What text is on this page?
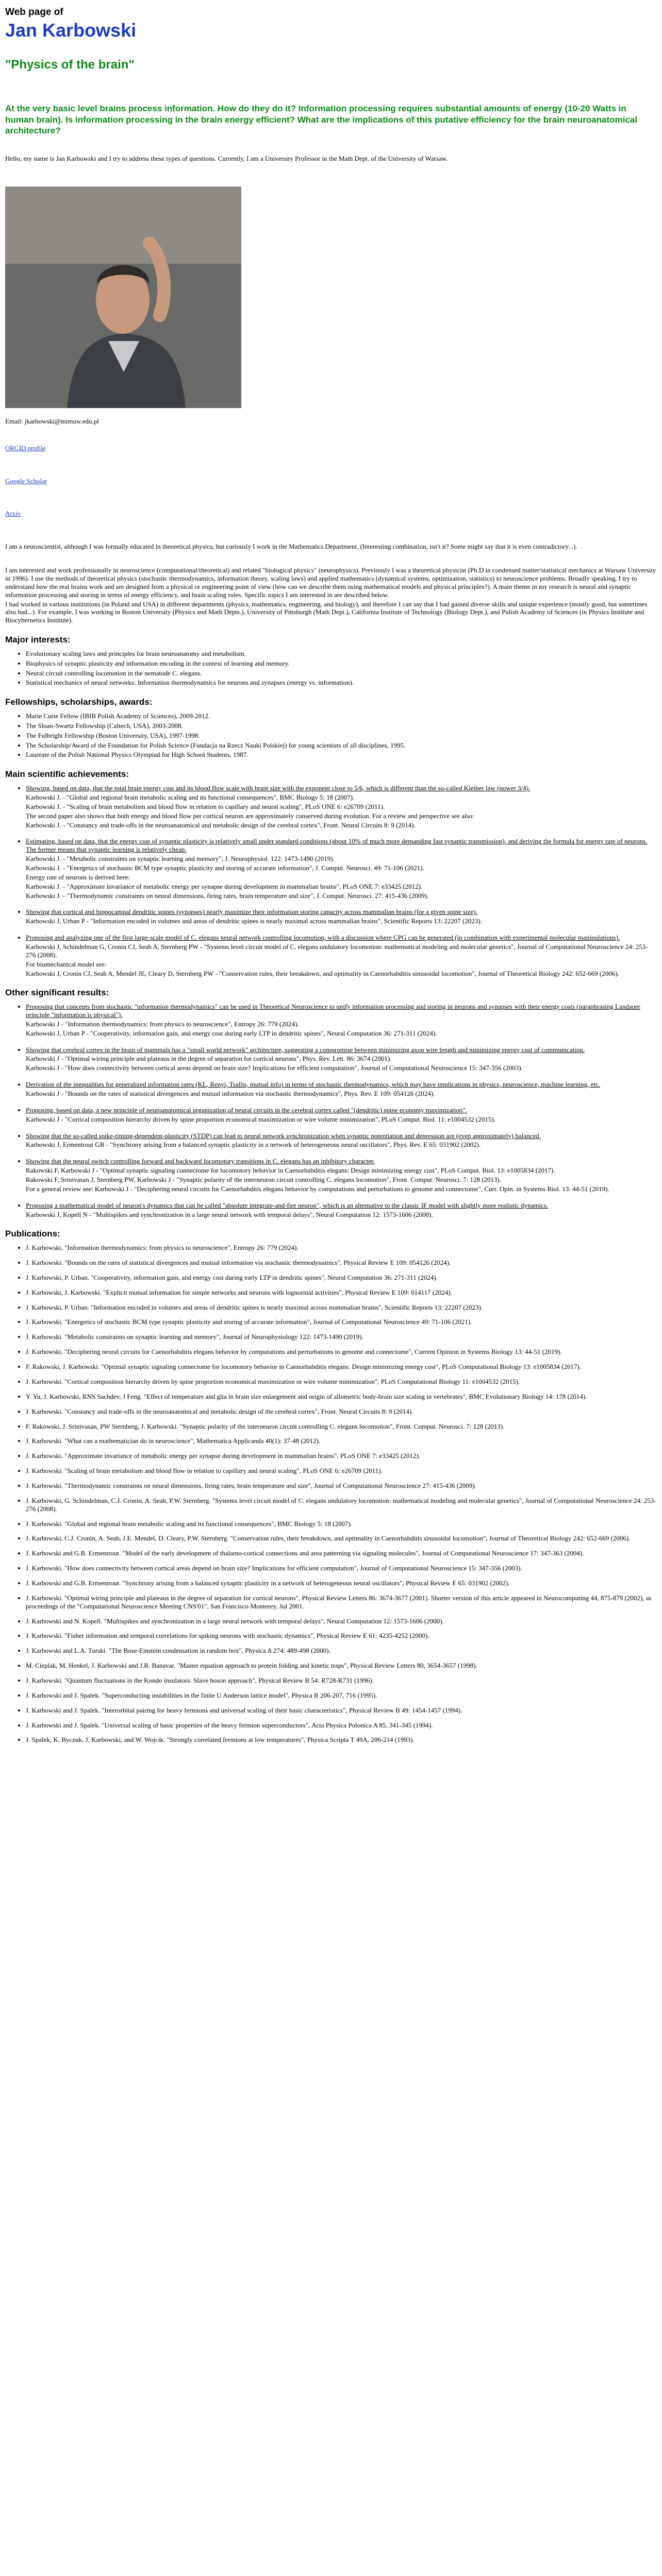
Web page of
Jan Karbowski
"Physics of the brain"
At the very basic level brains process information. How do they do it? Information processing requires substantial amounts of energy (10-20 Watts in human brain). Is information processing in the brain energy efficient? What are the implications of this putative efficiency for the brain neuroanatomical architecture?

Hello, my name is Jan Karbowski and I try to address these types of questions. Currently, I am a University Professor in the Math Dept. of the University of Warsaw.

Email: jkarbowski@mimuw.edu.pl

ORCID profile

Google Scholar

Arxiv

I am a neuroscientist, although I was formally educated in theoretical physics, but curiously I work in the Mathematics Department. (Interesting combination, isn't it? Some might say that it is even contradictory...).

I am interested and work professionally in neuroscience (computational/theoretical) and related "biological physics" (neurophysics). Previously I was a theoretical physicist (Ph.D in condensed matter/statistical mechanics at Warsaw University in 1996). I use the methods of theoretical physics (stochastic thermodynamics, information theory, scaling laws) and applied mathematics (dynamical systems, optimization, statistics) to neuroscience problems. Broadly speaking, I try to understand how the real brains work and are designed from a physical or engineering point of view (how can we describe them using mathematical models and physical principles?). A main theme in my research is neural and synaptic information processing and storing in terms of energy efficiency, and brain scaling rules. Specific topics I am interested in are described below.

I had worked in various institutions (in Poland and USA) in different departments (physics, mathematics, engineering, and biology), and therefore I can say that I had gained diverse skills and unique experience (mostly good, but sometimes also bad...). For example, I was working in Boston University (Physics and Math Depts.), University of Pittsburgh (Math Dept.), California Institute of Technology (Biology Dept.), and Polish Academy of Sciences (in Physics Institute and Biocybernetics Institute).

Major interests:
• Evolutionary scaling laws and principles for brain neuroanatomy and metabolism.
• Biophysics of synaptic plasticity and information encoding in the context of learning and memory.
• Neural circuit controlling locomotion in the nematode C. elegans.
• Statistical mechanics of neural networks: Information thermodynamics for neurons and synapses (energy vs. information).
Fellowships, scholarships, awards:
• Marie Curie Fellow (IBIB Polish Academy of Sciences), 2009-2012.
• The Sloan-Swartz Fellowship (Caltech, USA), 2003-2008.
• The Fulbright Fellowship (Boston University, USA), 1997-1998.
• The Scholarship/Award of the Foundation for Polish Science (Fundacja na Rzecz Nauki Polskiej) for young scientists of all disciplines, 1995.
• Laureate of the Polish National Physics Olympiad for High School Students, 1987.
Main scientific achievements:
• Showing, based on data, that the total brain energy cost and its blood flow scale with brain size with the exponent close to 5/6, which is different than the so-called Kleiber law (power 3/4).
Karbowski J. - "Global and regional brain metabolic scaling and its functional consequences", BMC Biology 5: 18 (2007).
Karbowski J. - "Scaling of brain metabolism and blood flow in relation to capillary and neural scaling", PLoS ONE 6: e26709 (2011).
The second paper also shows that both energy and blood flow per cortical neuron are approximately conserved during evolution. For a review and perspective see also:
Karbowski J. - "Constancy and trade-offs in the neuroanatomical and metabolic design of the cerebral cortex", Front. Neural Circuits 8: 9 (2014).
• Estimating, based on data, that the energy cost of synaptic plasticity is relatively small under standard conditions (about 10% of much more demanding fast synaptic transmission), and deriving the formula for energy rate of neurons. The former means that synaptic learning is relatively cheap.
Karbowski J. - "Metabolic constraints on synaptic learning and memory", J. Neurophysiol. 122: 1473-1490 (2019).
Karbowski J. - "Energetics of stochastic BCM type synaptic plasticity and storing of accurate information", J. Comput. Neurosci. 49: 71-106 (2021).
Energy rate of neurons is derived here:
Karbowski J. - "Approximate invariance of metabolic energy per synapse during development in mammalian brains", PLoS ONE 7: e33425 (2012).
Karbowski J. - "Thermodynamic constraints on neural dimensions, firing rates, brain temperature and size", J. Comput. Neurosci. 27: 415-436 (2009).
• Showing that cortical and hippocampal dendritic spines (synapses) nearly maximize their information storing capacity across mammalian brains (for a given spine size).
Karbowski J, Urban P - "Information encoded in volumes and areas of dendritic spines is nearly maximal across mammalian brains", Scientific Reports 13: 22207 (2023).
• Proposing and analyzing one of the first large-scale model of C. elegans neural network controlling locomotion, with a discussion where CPG can be generated (in combination with experimental molecular manipulations).
Karbowski J, Schindelman G, Cronin CJ, Seah A, Sternberg PW - "Systems level circuit model of C. elegans undulatory locomotion: mathematical modeling and molecular genetics", Journal of Computational Neuroscience 24: 253-276 (2008).
For biomechanical model see:
Karbowski J, Cronin CJ, Seah A, Mendel JE, Cleary D, Sternberg PW - "Conservation rules, their breakdown, and optimality in Caenorhabditis sinusoidal locomotion", Journal of Theoretical Biology 242: 652-669 (2006).
Other significant results:
• Proposing that concepts from stochastic "information thermodynamics" can be used in Theoretical Neuroscience to unify information processing and storing in neurons and synapses with their energy costs (paraphrasing Landauer principle "information is physical").
Karbowski J - "Information thermodynamics: from physics to neuroscience", Entropy 26: 779 (2024).
Karbowski J, Urban P - "Cooperativity, information gain, and energy cost during early LTP in dendritic spines", Neural Computation 36: 271-311 (2024).
• Showing that cerebral cortex in the brain of mammals has a "small world network" architecture, suggesting a compromise between minimizing axon wire length and minimizing energy cost of communication.
Karbowski J - "Optimal wiring principle and plateaus in the degree of separation for cortical neurons", Phys. Rev. Lett. 86: 3674 (2001).
Karbowski J - "How does connectivity between cortical areas depend on brain size? Implications for efficient computation", Journal of Computational Neuroscience 15: 347-356 (2003).
• Derivation of the inequalities for generalized information rates (KL, Renyi, Tsallis, mutual info) in terms of stochastic thermodynamics, which may have implications in physics, neuroscience, machine learning, etc.
Karbowski J - "Bounds on the rates of statistical divergences and mutual information via stochastic thermodynamics", Phys. Rev. E 109: 054126 (2024).
• Proposing, based on data, a new principle of neuroanatomical organization of neural circuits in the cerebral cortex called "(dendritic) spine economy maximization".
Karbowski J - "Cortical composition hierarchy driven by spine proportion economical maximization or wire volume minimization", PLoS Comput. Biol. 11: e1004532 (2015).
• Showing that the so-called spike-timing-dependent-plasticity (STDP) can lead to neural network synchronization when synaptic potentiation and depression are (even approximately) balanced.
Karbowski J, Ermentrout GB - "Synchrony arising from a balanced synaptic plasticity in a network of heterogeneous neural oscillators", Phys. Rev. E 65: 031902 (2002).
• Showing that the neural switch controlling forward and backward locomotory transitions in C. elegans has an inhibitory character.
Rakowski F, Karbowski J - "Optimal synaptic signaling connectome for locomotory behavior in Caenorhabditis elegans: Design minimizing energy cost", PLoS Comput. Biol. 13: e1005834 (2017).
Rakowski F, Srinivasan J, Sternberg PW, Karbowski J - "Synaptic polarity of the interneuron circuit controlling C. elegans locomotion", Front. Comput. Neurosci. 7: 128 (2013).
For a general review see: Karbowski J - "Deciphering neural circuits for Caenorhabditis elegans behavior by computations and perturbations to genome and connectome", Curr. Opin. in Systems Biol. 13: 44-51 (2019).
• Proposing a mathematical model of neuron's dynamics that can be called "absolute integrate-and-fire neuron", which is an alternative to the classic IF model with slightly more realistic dynamics.
Karbowski J, Kopell N - "Multispikes and synchronization in a large neural network with temporal delays", Neural Computation 12: 1573-1606 (2000).
Publications:
• J. Karbowski. "Information thermodynamics: from physics to neuroscience", Entropy 26: 779 (2024).
• J. Karbowski. "Bounds on the rates of statistical divergences and mutual information via stochastic thermodynamics", Physical Review E 109: 054126 (2024).
• J. Karbowski, P. Urban. "Cooperativity, information gain, and energy cost during early LTP in dendritic spines", Neural Computation 36: 271-311 (2024).
• J. Karbowski, J. Karbowski. "Explicit mutual information for simple networks and neurons with lognormal activities", Physical Review E 109: 014117 (2024).
• J. Karbowski, P. Urban. "Information encoded in volumes and areas of dendritic spines is nearly maximal across mammalian brains", Scientific Reports 13: 22207 (2023).
• J. Karbowski. "Energetics of stochastic BCM type synaptic plasticity and storing of accurate information", Journal of Computational Neuroscience 49: 71-106 (2021).
• J. Karbowski. "Metabolic constraints on synaptic learning and memory", Journal of Neurophysiology 122: 1473-1490 (2019).
• J. Karbowski. "Deciphering neural circuits for Caenorhabditis elegans behavior by computations and perturbations to genome and connectome", Current Opinion in Systems Biology 13: 44-51 (2019).
• F. Rakowski, J. Karbowski. "Optimal synaptic signaling connectome for locomotory behavior in Caenorhabditis elegans: Design minimizing energy cost", PLoS Computational Biology 13: e1005834 (2017).
• J. Karbowski. "Cortical composition hierarchy driven by spine proportion economical maximization or wire volume minimization", PLoS Computational Biology 11: e1004532 (2015).
• Y. Yu, J. Karbowski, RNS Sachdev, J Feng. "Effect of temperature and glia in brain size enlargement and origin of allometric body-brain size scaling in vertebrates", BMC Evolutionary Biology 14: 178 (2014).
• J. Karbowski. "Constancy and trade-offs in the neuroanatomical and metabolic design of the cerebral cortex", Front. Neural Circuits 8: 9 (2014).
• F. Rakowski, J. Srinivasan, PW Sternberg, J. Karbowski. "Synaptic polarity of the interneuron circuit controlling C. elegans locomotion", Front. Comput. Neurosci. 7: 128 (2013).
• J. Karbowski. "What can a mathematician do in neuroscience", Mathematica Applicanda 40(1): 37-48 (2012).
• J. Karbowski. "Approximate invariance of metabolic energy per synapse during development in mammalian brains", PLoS ONE 7: e33425 (2012).
• J. Karbowski. "Scaling of brain metabolism and blood flow in relation to capillary and neural scaling", PLoS ONE 6: e26709 (2011).
• J. Karbowski. "Thermodynamic constraints on neural dimensions, firing rates, brain temperature and size", Journal of Computational Neuroscience 27: 415-436 (2009).
• J. Karbowski, G. Schindelman, C.J. Cronin, A. Seah, P.W. Sternberg. "Systems level circuit model of C. elegans undulatory locomotion: mathematical modeling and molecular genetics", Journal of Computational Neuroscience 24: 253-276 (2008).
• J. Karbowski. "Global and regional brain metabolic scaling and its functional consequences", BMC Biology 5: 18 (2007).
• J. Karbowski, C.J. Cronin, A. Seah, J.E. Mendel, D. Cleary, P.W. Sternberg. "Conservation rules, their breakdown, and optimality in Caenorhabditis sinusoidal locomotion", Journal of Theoretical Biology 242: 652-669 (2006).
• J. Karbowski and G.B. Ermentrout. "Model of the early development of thalamo-cortical connections and area patterning via signaling molecules", Journal of Computational Neuroscience 17: 347-363 (2004).
• J. Karbowski. "How does connectivity between cortical areas depend on brain size? Implications for efficient computation", Journal of Computational Neuroscience 15: 347-356 (2003).
• J. Karbowski and G.B. Ermentrout. "Synchrony arising from a balanced synaptic plasticity in a network of heterogeneous neural oscillators", Physical Review E 65: 031902 (2002).
• J. Karbowski. "Optimal wiring principle and plateaus in the degree of separation for cortical neurons", Physical Review Letters 86: 3674-3677 (2001). Shorter version of this article appeared in Neurocomputing 44, 875-879 (2002), as proceedings of the "Computational Neuroscience Meeting CNS'01", San Francisco-Monterey, Jul 2001.
• J. Karbowski and N. Kopell. "Multispikes and synchronization in a large neural network with temporal delays", Neural Computation 12: 1573-1606 (2000).
• J. Karbowski. "Fisher information and temporal correlations for spiking neurons with stochastic dynamics", Physical Review E 61: 4235-4252 (2000).
• J. Karbowski and L.A. Turski. "The Bose-Einstein condensation in random box", Physica A 274: 489-498 (2000).
• M. Cieplak, M. Henkel, J. Karbowski and J.R. Banavar. "Master equation approach to protein folding and kinetic traps", Physical Review Letters 80, 3654-3657 (1998).
• J. Karbowski. "Quantum fluctuations in the Kondo insulators: Slave boson approach", Physical Review B 54: R728-R731 (1996).
• J. Karbowski and J. Spalek. "Superconducting instabilities in the finite U Anderson lattice model", Physica B 206-207, 716 (1995).
• J. Karbowski and J. Spalek. "Interorbital pairing for heavy fermions and universal scaling of their basic characteristics", Physical Review B 49: 1454-1457 (1994).
• J. Karbowski and J. Spalek. "Universal scaling of basic properties of the heavy fermion superconductors", Acta Physica Polonica A 85, 341-345 (1994).
• J. Spalek, K. Byczuk, J. Karbowski, and W. Wojcik. "Strongly correlated fermions at low temperatures", Physica Scripta T 49A, 206-214 (1993).
